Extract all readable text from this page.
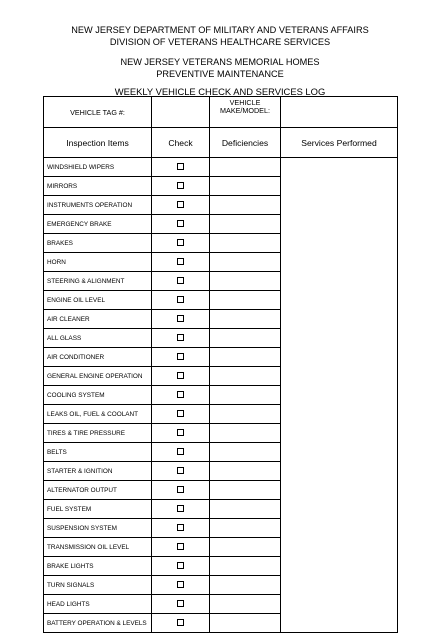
NEW JERSEY DEPARTMENT OF MILITARY AND VETERANS AFFAIRS
DIVISION OF VETERANS HEALTHCARE SERVICES
NEW JERSEY VETERANS MEMORIAL HOMES
PREVENTIVE MAINTENANCE
WEEKLY VEHICLE CHECK AND SERVICES LOG
VEHICLE TAG #:		VEHICLE
MAKE/MODEL:	

Inspection Items	Check	Deficiencies	Services Performed
WINDSHIELD WIPERS			
MIRRORS			
INSTRUMENTS OPERATION			
EMERGENCY BRAKE			
BRAKES			
HORN			
STEERING & ALIGNMENT			
ENGINE OIL LEVEL			
AIR CLEANER			
ALL GLASS			
AIR CONDITIONER			
GENERAL ENGINE OPERATION			
COOLING SYSTEM			
LEAKS OIL, FUEL & COOLANT			
TIRES & TIRE PRESSURE			
BELTS			
STARTER & IGNITION			
ALTERNATOR OUTPUT			
FUEL SYSTEM			
SUSPENSION SYSTEM			
TRANSMISSION OIL LEVEL			
BRAKE LIGHTS			
TURN SIGNALS			
HEAD LIGHTS			
BATTERY OPERATION & LEVELS			
